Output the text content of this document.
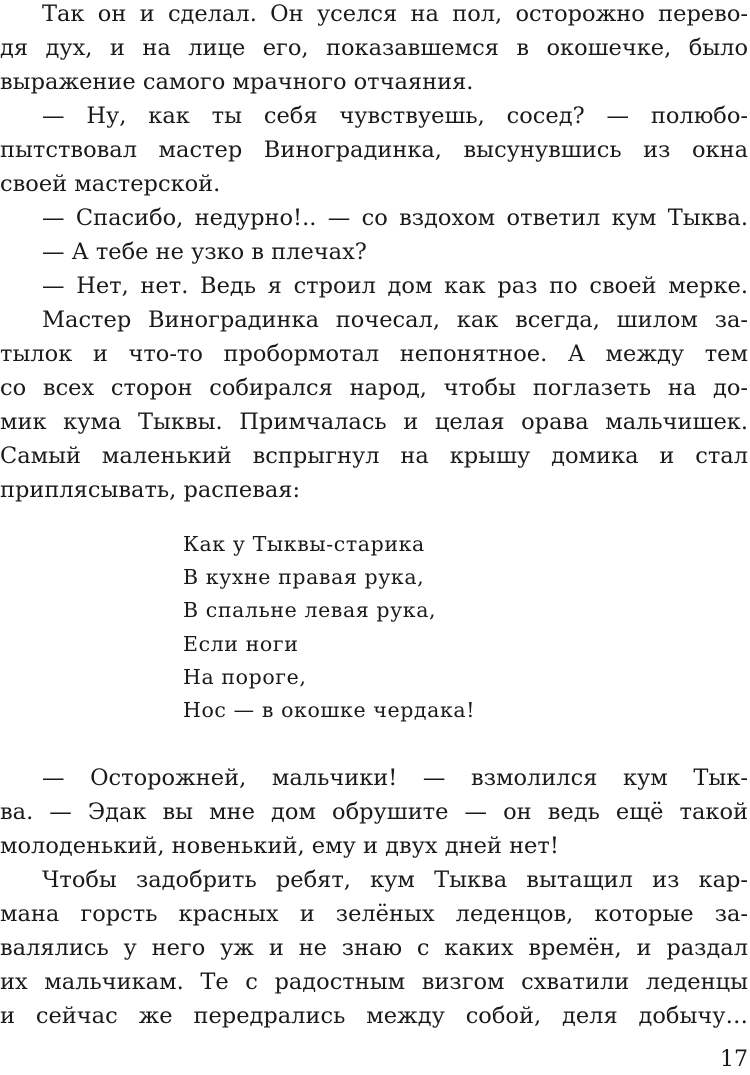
Так он и сделал. Он уселся на пол, осторожно перево-
дя дух, и на лице его, показавшемся в окошечке, было
выражение самого мрачного отчаяния.
— Ну, как ты себя чувствуешь, сосед? — полюбо-
пытствовал мастер Виноградинка, высунувшись из окна
своей мастерской.
— Спасибо, недурно!.. — со вздохом ответил кум Тыква.
— А тебе не узко в плечах?
— Нет, нет. Ведь я строил дом как раз по своей мерке.
Мастер Виноградинка почесал, как всегда, шилом за-
тылок и что-то пробормотал непонятное. А между тем
со всех сторон собирался народ, чтобы поглазеть на до-
мик кума Тыквы. Примчалась и целая орава мальчишек.
Самый маленький вспрыгнул на крышу домика и стал
приплясывать, распевая:
— Осторожней, мальчики! — взмолился кум Тык-
ва. — Эдак вы мне дом обрушите — он ведь ещё такой
молоденький, новенький, ему и двух дней нет!
Чтобы задобрить ребят, кум Тыква вытащил из кар-
мана горсть красных и зелёных леденцов, которые за-
валялись у него уж и не знаю с каких времён, и раздал
их мальчикам. Те с радостным визгом схватили леденцы
и сейчас же передрались между собой, деля добычу…
Как у Тыквы-старика
В кухне правая рука,
В спальне левая рука,
Если ноги
На пороге,
Нос — в окошке чердака!
17
